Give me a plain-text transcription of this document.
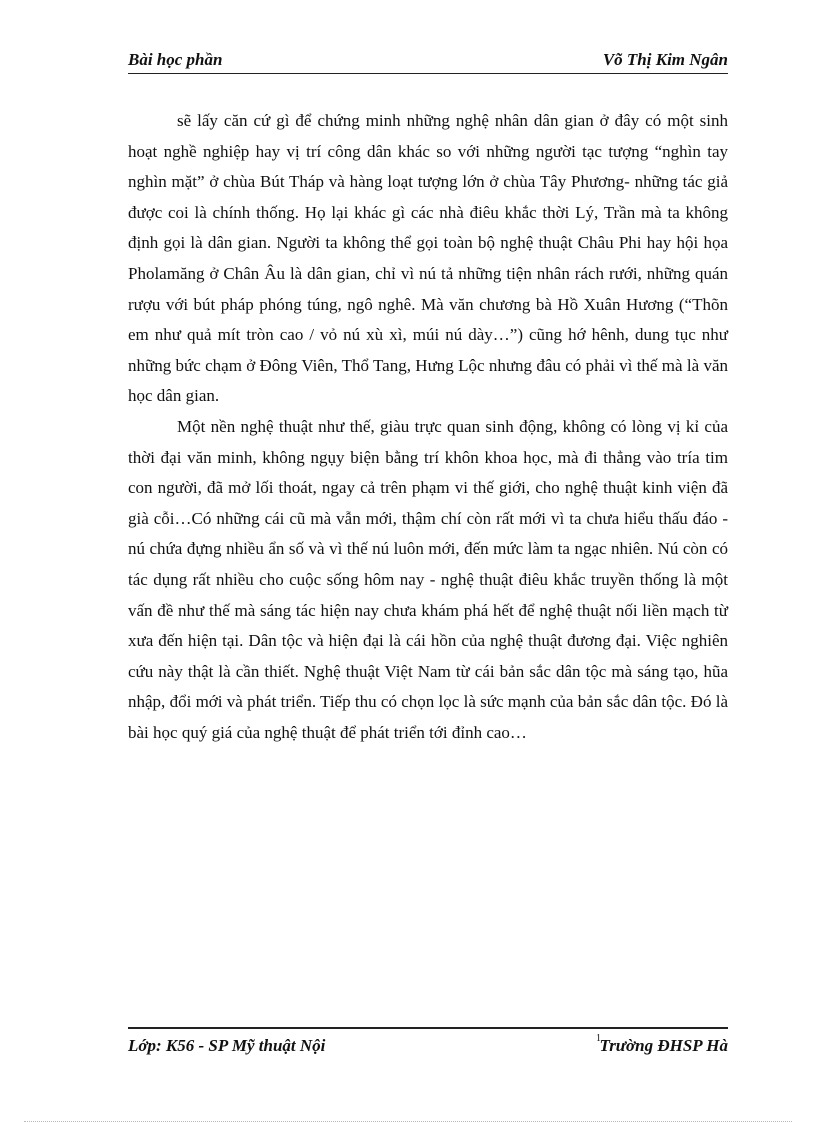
Bài học phần	Võ Thị Kim Ngân

sẽ lấy căn cứ gì để chứng minh những nghệ nhân dân gian ở đây có một sinh hoạt nghề nghiệp hay vị trí công dân khác so với những người tạc tượng “nghìn tay nghìn mặt” ở chùa Bút Tháp và hàng loạt tượng lớn ở chùa Tây Phương- những tác giả được coi là chính thống. Họ lại khác gì các nhà điêu khắc thời Lý, Trần mà ta không định gọi là dân gian. Người ta không thể gọi toàn bộ nghệ thuật Châu Phi hay hội họa Pholamăng ở Chân Âu là dân gian, chỉ vì nú tả những tiện nhân rách rưới, những quán rượu với bút pháp phóng túng, ngô nghê. Mà văn chương bà Hồ Xuân Hương (“Thõn em như quả mít tròn cao / vỏ nú xù xì, múi nú dày…”) cũng hớ hênh, dung tục như những bức chạm ở Đông Viên, Thổ Tang, Hưng Lộc nhưng đâu có phải vì thế mà là văn học dân gian.

Một nền nghệ thuật như thế, giàu trực quan sinh động, không có lòng vị kỉ của thời đại văn minh, không ngụy biện bằng trí khôn khoa học, mà đi thẳng vào tría tim con người, đã mở lối thoát, ngay cả trên phạm vi thế giới, cho nghệ thuật kinh viện đã già cỗi…Có những cái cũ mà vẫn mới, thậm chí còn rất mới vì ta chưa hiểu thấu đáo - nú chứa đựng nhiều ẩn số và vì thế nú luôn mới, đến mức làm ta ngạc nhiên. Nú còn có tác dụng rất nhiều cho cuộc sống hôm nay - nghệ thuật điêu khắc truyền thống là một vấn đề như thế mà sáng tác hiện nay chưa khám phá hết để nghệ thuật nối liền mạch từ xưa đến hiện tại. Dân tộc và hiện đại là cái hồn của nghệ thuật đương đại. Việc nghiên cứu này thật là cần thiết. Nghệ thuật Việt Nam từ cái bản sắc dân tộc mà sáng tạo, hũa nhập, đổi mới và phát triển. Tiếp thu có chọn lọc là sức mạnh của bản sắc dân tộc. Đó là bài học quý giá của nghệ thuật để phát triển tới đỉnh cao…

Lớp: K56 - SP Mỹ thuật Nội	Trường ĐHSP Hà
1
